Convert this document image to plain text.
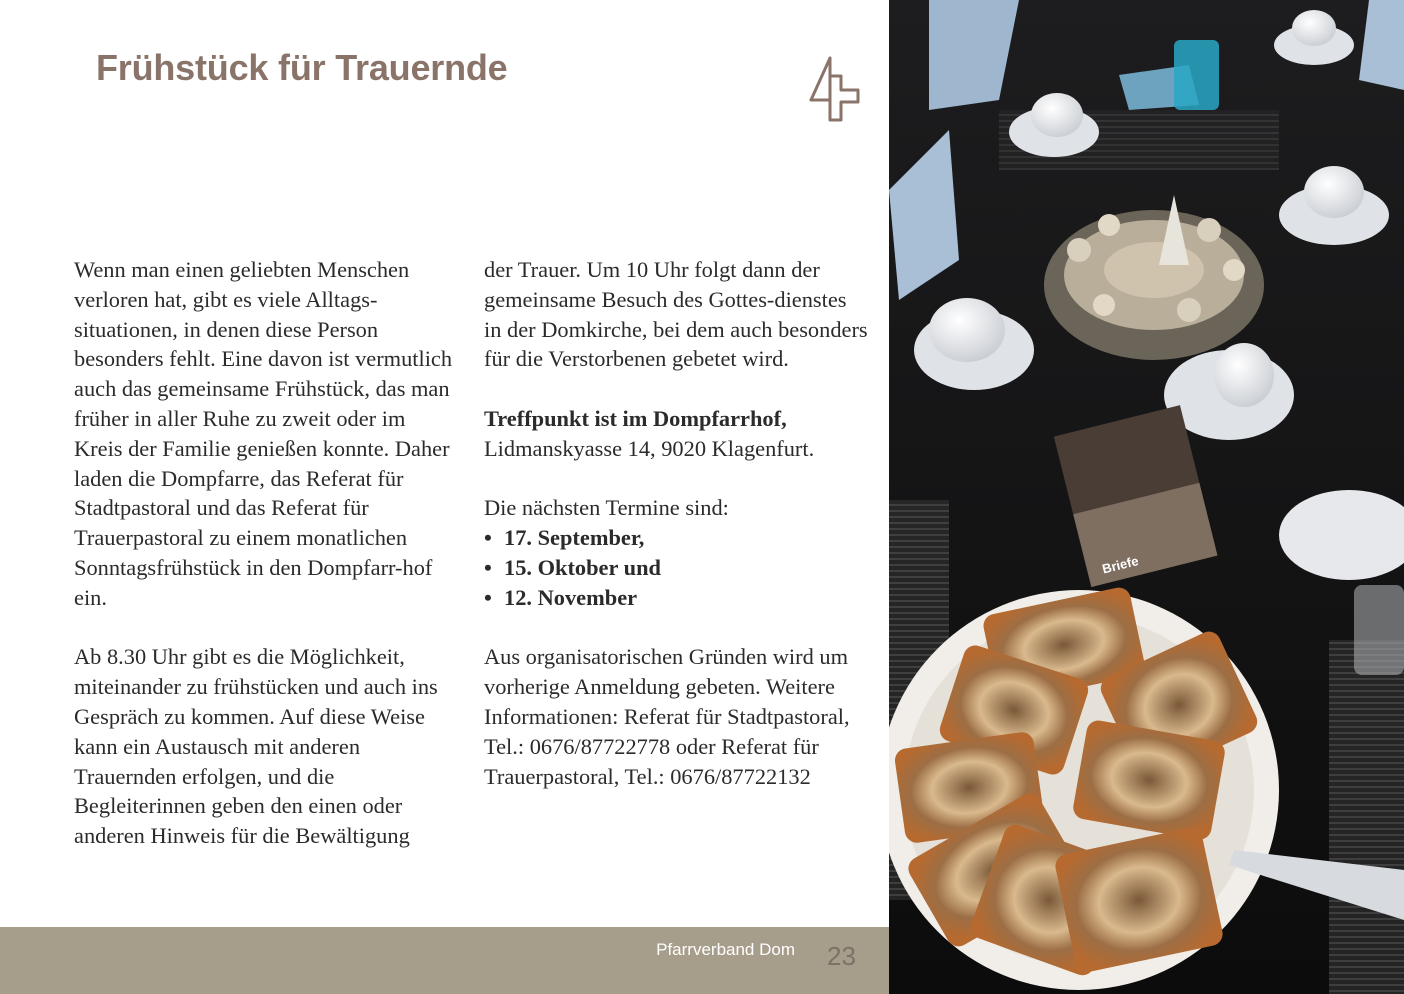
Frühstück für Trauernde

Wenn man einen geliebten Menschen verloren hat, gibt es viele Alltags-situationen, in denen diese Person besonders fehlt. Eine davon ist vermutlich auch das gemeinsame Frühstück, das man früher in aller Ruhe zu zweit oder im Kreis der Familie genießen konnte. Daher laden die Dompfarre, das Referat für Stadtpastoral und das Referat für Trauerpastoral zu einem monatlichen Sonntagsfrühstück in den Dompfarr-hof ein.

Ab 8.30 Uhr gibt es die Möglichkeit, miteinander zu frühstücken und auch ins Gespräch zu kommen. Auf diese Weise kann ein Austausch mit anderen Trauernden erfolgen, und die Begleiterinnen geben den einen oder anderen Hinweis für die Bewältigung

der Trauer. Um 10 Uhr folgt dann der gemeinsame Besuch des Gottes-dienstes in der Domkirche, bei dem auch besonders für die Verstorbenen gebetet wird.

Treffpunkt ist im Dompfarrhof,
Lidmanskyasse 14, 9020 Klagenfurt.

Die nächsten Termine sind:

• 17. September,
• 15. Oktober und
• 12. November

Aus organisatorischen Gründen wird um vorherige Anmeldung gebeten. Weitere Informationen: Referat für Stadtpastoral, Tel.: 0676/87722778 oder Referat für Trauerpastoral, Tel.: 0676/87722132

Pfarrverband Dom 23
Briefe
